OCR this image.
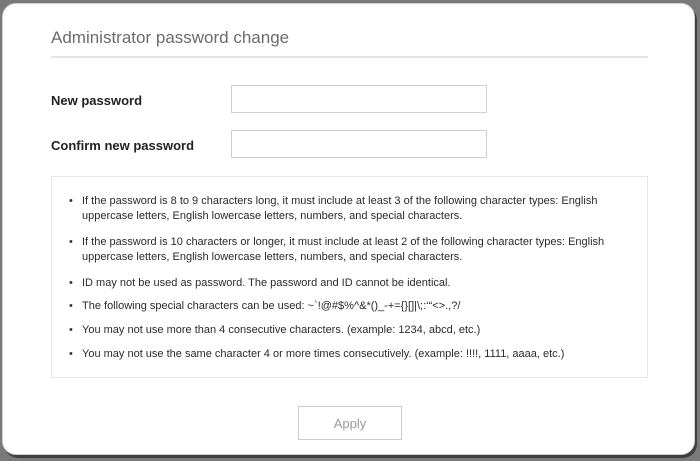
Administrator password change
New password
Confirm new password
• If the password is 8 to 9 characters long, it must include at least 3 of the following character types: English uppercase letters, English lowercase letters, numbers, and special characters.
• If the password is 10 characters or longer, it must include at least 2 of the following character types: English uppercase letters, English lowercase letters, numbers, and special characters.
• ID may not be used as password. The password and ID cannot be identical.
• The following special characters can be used: ~`!@#$%^&*()_-+={}[]|\;:‘“<>.,?/
• You may not use more than 4 consecutive characters. (example: 1234, abcd, etc.)
• You may not use the same character 4 or more times consecutively. (example: !!!!, 1111, aaaa, etc.)
Apply
